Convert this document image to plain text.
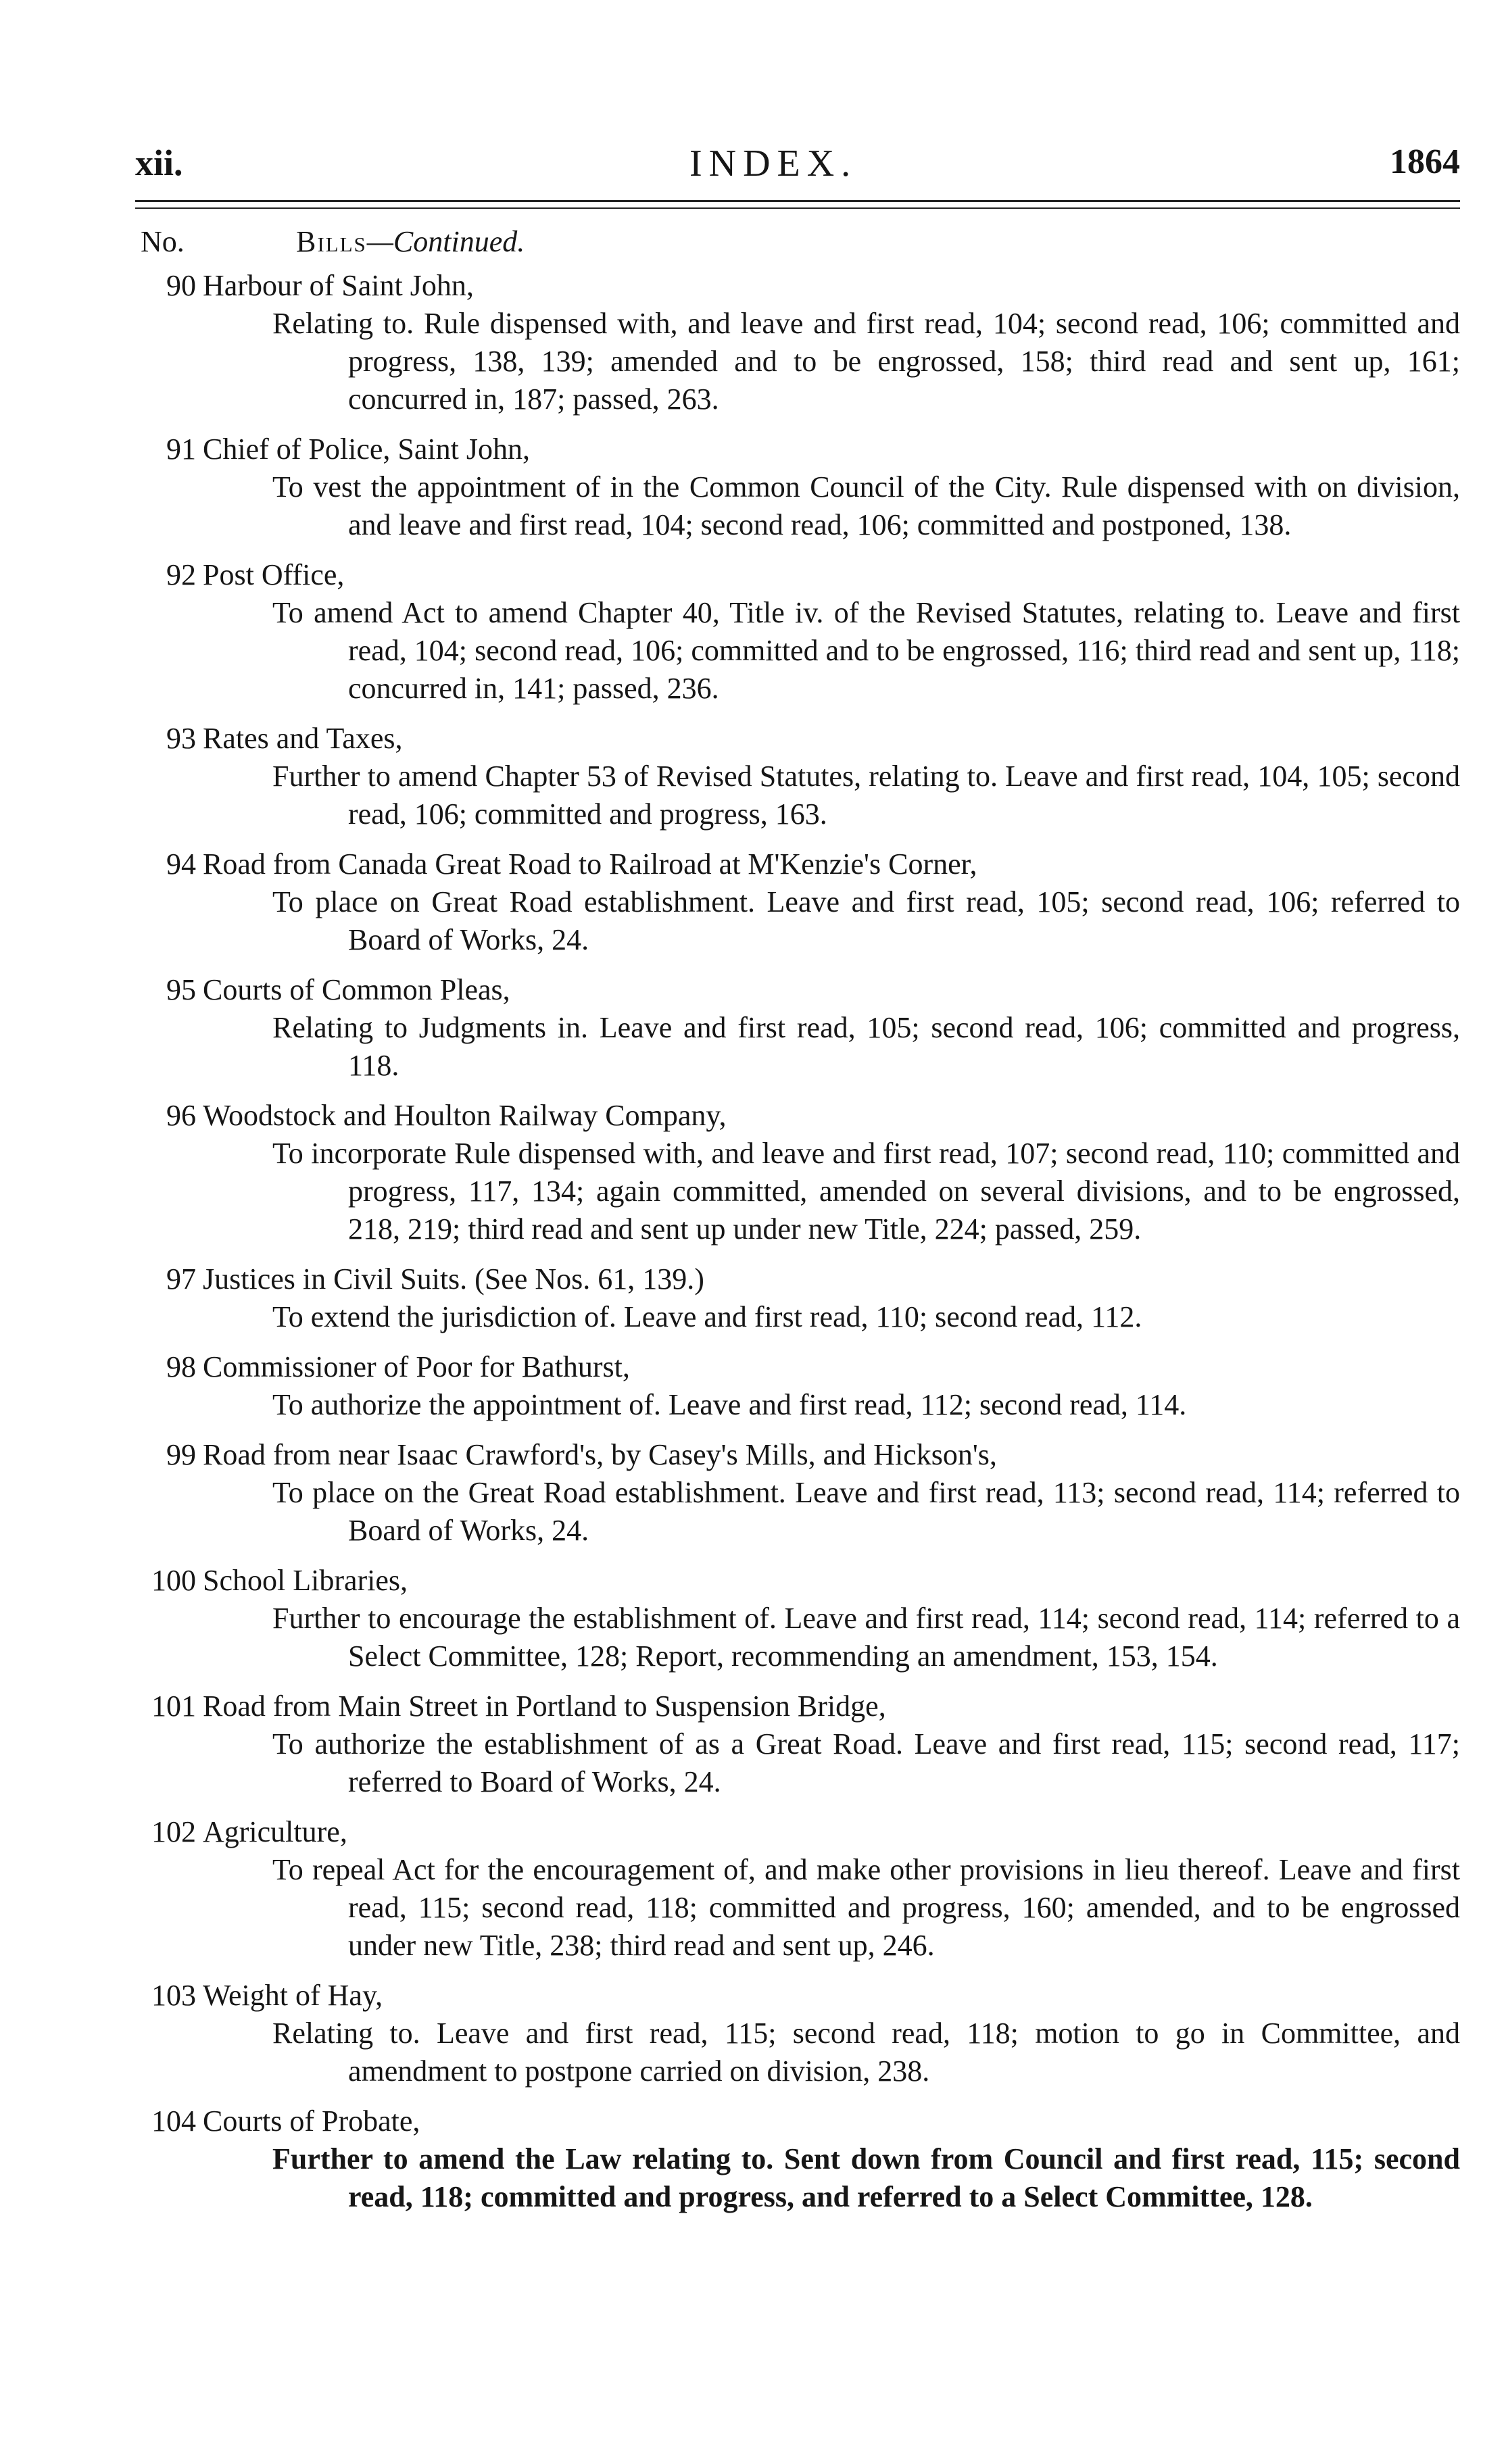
xii.	INDEX.	1864
No.	Bills—Continued.
90 Harbour of Saint John,
Relating to. Rule dispensed with, and leave and first read, 104; second read, 106; committed and progress, 138, 139; amended and to be engrossed, 158; third read and sent up, 161; concurred in, 187; passed, 263.
91 Chief of Police, Saint John,
To vest the appointment of in the Common Council of the City. Rule dispensed with on division, and leave and first read, 104; second read, 106; committed and postponed, 138.
92 Post Office,
To amend Act to amend Chapter 40, Title iv. of the Revised Statutes, relating to. Leave and first read, 104; second read, 106; committed and to be engrossed, 116; third read and sent up, 118; concurred in, 141; passed, 236.
93 Rates and Taxes,
Further to amend Chapter 53 of Revised Statutes, relating to. Leave and first read, 104, 105; second read, 106; committed and progress, 163.
94 Road from Canada Great Road to Railroad at M'Kenzie's Corner,
To place on Great Road establishment. Leave and first read, 105; second read, 106; referred to Board of Works, 24.
95 Courts of Common Pleas,
Relating to Judgments in. Leave and first read, 105; second read, 106; committed and progress, 118.
96 Woodstock and Houlton Railway Company,
To incorporate Rule dispensed with, and leave and first read, 107; second read, 110; committed and progress, 117, 134; again committed, amended on several divisions, and to be engrossed, 218, 219; third read and sent up under new Title, 224; passed, 259.
97 Justices in Civil Suits. (See Nos. 61, 139.)
To extend the jurisdiction of. Leave and first read, 110; second read, 112.
98 Commissioner of Poor for Bathurst,
To authorize the appointment of. Leave and first read, 112; second read, 114.
99 Road from near Isaac Crawford's, by Casey's Mills, and Hickson's,
To place on the Great Road establishment. Leave and first read, 113; second read, 114; referred to Board of Works, 24.
100 School Libraries,
Further to encourage the establishment of. Leave and first read, 114; second read, 114; referred to a Select Committee, 128; Report, recommending an amendment, 153, 154.
101 Road from Main Street in Portland to Suspension Bridge,
To authorize the establishment of as a Great Road. Leave and first read, 115; second read, 117; referred to Board of Works, 24.
102 Agriculture,
To repeal Act for the encouragement of, and make other provisions in lieu thereof. Leave and first read, 115; second read, 118; committed and progress, 160; amended, and to be engrossed under new Title, 238; third read and sent up, 246.
103 Weight of Hay,
Relating to. Leave and first read, 115; second read, 118; motion to go in Committee, and amendment to postpone carried on division, 238.
104 Courts of Probate,
Further to amend the Law relating to. Sent down from Council and first read, 115; second read, 118; committed and progress, and referred to a Select Committee, 128.
